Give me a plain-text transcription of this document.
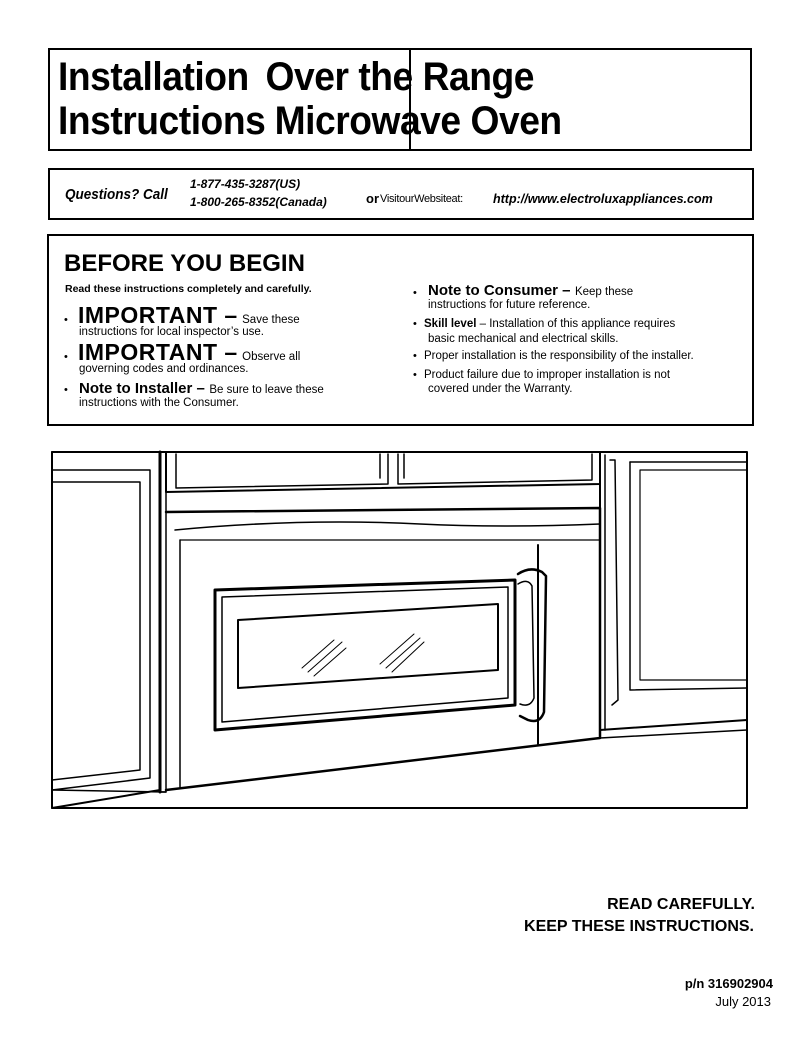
Installation Over the Range
Instructions Microwave Oven
Questions? Call
1-877-435-3287(US)
1-800-265-8352(Canada)	or VisitourWebsiteat: http://www.electroluxappliances.com
BEFORE YOU BEGIN
Read these instructions completely and carefully.
• IMPORTANT – Save these
instructions for local inspector’s use.
• IMPORTANT – Observe all
governing codes and ordinances.
• Note to Installer – Be sure to leave these
instructions with the Consumer.
• Note to Consumer – Keep these
instructions for future reference.
• Skill level – Installation of this appliance requires
basic mechanical and electrical skills.
• Proper installation is the responsibility of the installer.
• Product failure due to improper installation is not
covered under the Warranty.
READ CAREFULLY.
KEEP THESE INSTRUCTIONS.
p/n 316902904
July 2013
